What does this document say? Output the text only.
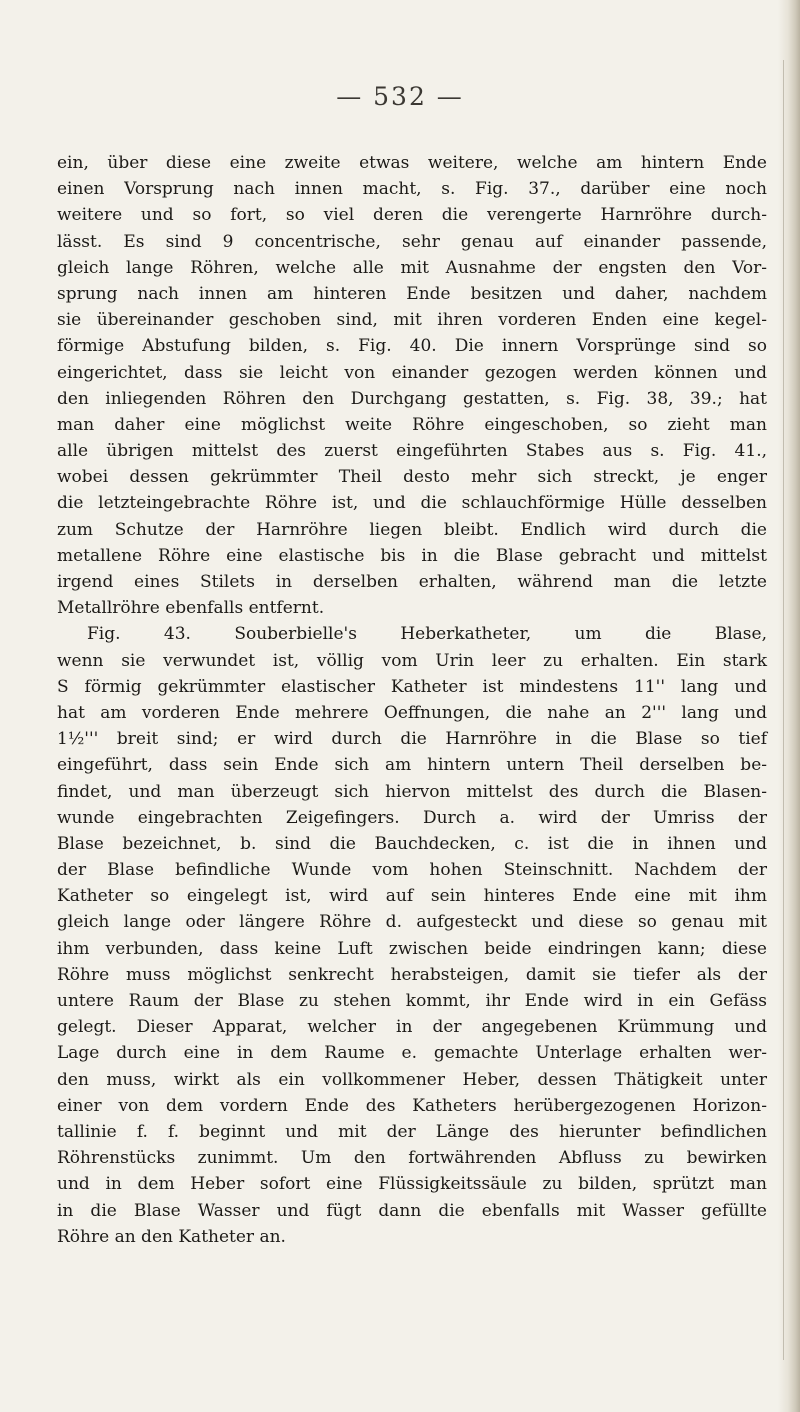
— 532 —
ein, über diese eine zweite etwas weitere, welche am hintern Ende
einen Vorsprung nach innen macht, s. Fig. 37., darüber eine noch
weitere und so fort, so viel deren die verengerte Harnröhre durch-
lässt. Es sind 9 concentrische, sehr genau auf einander passende,
gleich lange Röhren, welche alle mit Ausnahme der engsten den Vor-
sprung nach innen am hinteren Ende besitzen und daher, nachdem
sie übereinander geschoben sind, mit ihren vorderen Enden eine kegel-
förmige Abstufung bilden, s. Fig. 40. Die innern Vorsprünge sind so
eingerichtet, dass sie leicht von einander gezogen werden können und
den inliegenden Röhren den Durchgang gestatten, s. Fig. 38, 39.; hat
man daher eine möglichst weite Röhre eingeschoben, so zieht man
alle übrigen mittelst des zuerst eingeführten Stabes aus s. Fig. 41.,
wobei dessen gekrümmter Theil desto mehr sich streckt, je enger
die letzteingebrachte Röhre ist, und die schlauchförmige Hülle desselben
zum Schutze der Harnröhre liegen bleibt. Endlich wird durch die
metallene Röhre eine elastische bis in die Blase gebracht und mittelst
irgend eines Stilets in derselben erhalten, während man die letzte
Metallröhre ebenfalls entfernt.
Fig. 43. Souberbielle's Heberkatheter, um die Blase,
wenn sie verwundet ist, völlig vom Urin leer zu erhalten. Ein stark
S förmig gekrümmter elastischer Katheter ist mindestens 11'' lang und
hat am vorderen Ende mehrere Oeffnungen, die nahe an 2''' lang und
1½''' breit sind; er wird durch die Harnröhre in die Blase so tief
eingeführt, dass sein Ende sich am hintern untern Theil derselben be-
findet, und man überzeugt sich hiervon mittelst des durch die Blasen-
wunde eingebrachten Zeigefingers. Durch a. wird der Umriss der
Blase bezeichnet, b. sind die Bauchdecken, c. ist die in ihnen und
der Blase befindliche Wunde vom hohen Steinschnitt. Nachdem der
Katheter so eingelegt ist, wird auf sein hinteres Ende eine mit ihm
gleich lange oder längere Röhre d. aufgesteckt und diese so genau mit
ihm verbunden, dass keine Luft zwischen beide eindringen kann; diese
Röhre muss möglichst senkrecht herabsteigen, damit sie tiefer als der
untere Raum der Blase zu stehen kommt, ihr Ende wird in ein Gefäss
gelegt. Dieser Apparat, welcher in der angegebenen Krümmung und
Lage durch eine in dem Raume e. gemachte Unterlage erhalten wer-
den muss, wirkt als ein vollkommener Heber, dessen Thätigkeit unter
einer von dem vordern Ende des Katheters herübergezogenen Horizon-
tallinie f. f. beginnt und mit der Länge des hierunter befindlichen
Röhrenstücks zunimmt. Um den fortwährenden Abfluss zu bewirken
und in dem Heber sofort eine Flüssigkeitssäule zu bilden, sprützt man
in die Blase Wasser und fügt dann die ebenfalls mit Wasser gefüllte
Röhre an den Katheter an.
